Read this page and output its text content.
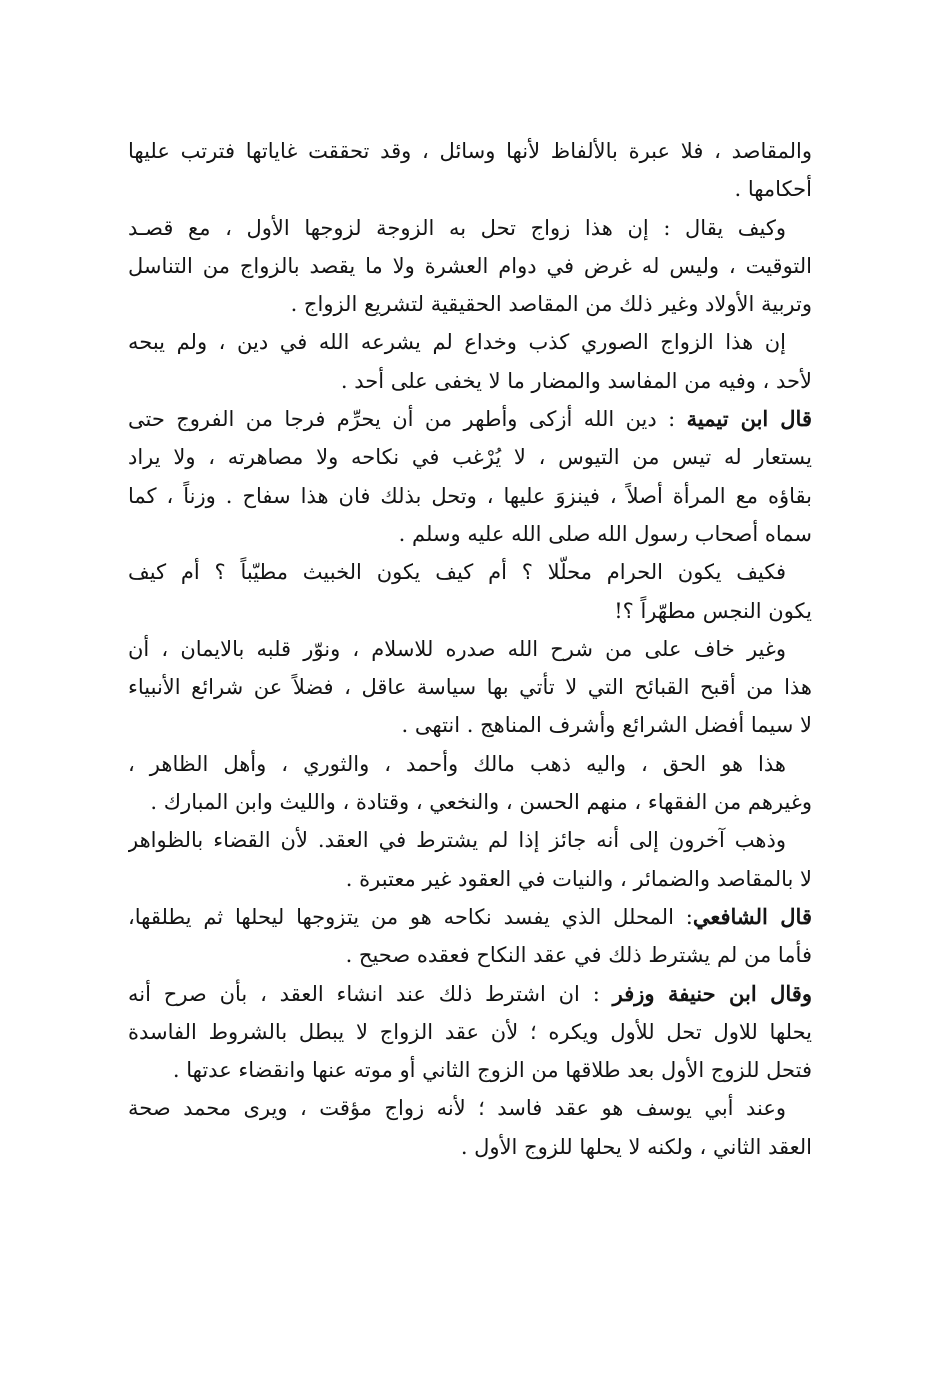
والمقاصد ، فلا عبرة بالألفاظ لأنها وسائل ، وقد تحققت غاياتها فترتب عليها
أحكامها .
وكيف يقال : إن هذا زواج تحل به الزوجة لزوجها الأول ، مع قصـد
التوقيت ، وليس له غرض في دوام العشرة ولا ما يقصد بالزواج من التناسل
وتربية الأولاد وغير ذلك من المقاصد الحقيقية لتشريع الزواج .
إن هذا الزواج الصوري كذب وخداع لم يشرعه الله في دين ، ولم يبحه
لأحد ، وفيه من المفاسد والمضار ما لا يخفى على أحد .
قال ابن تيمية : دين الله أزكى وأطهر من أن يحرِّم فرجا من الفروج حتى
يستعار له تيس من التيوس ، لا يُرْغب في نكاحه ولا مصاهرته ، ولا يراد
بقاؤه مع المرأة أصلاً ، فينزوَ عليها ، وتحل بذلك فان هذا سفاح . وزناً ، كما
سماه أصحاب رسول الله صلى الله عليه وسلم .
فكيف يكون الحرام محلّلا ؟ أم كيف يكون الخبيث مطيّباً ؟ أم كيف
يكون النجس مطهّراً ؟!
وغير خاف على من شرح الله صدره للاسلام ، ونوّر قلبه بالايمان ، أن
هذا من أقبح القبائح التي لا تأتي بها سياسة عاقل ، فضلاً عن شرائع الأنبياء
لا سيما أفضل الشرائع وأشرف المناهج . انتهى .
هذا هو الحق ، واليه ذهب مالك وأحمد ، والثوري ، وأهل الظاهر ،
وغيرهم من الفقهاء ، منهم الحسن ، والنخعي ، وقتادة ، والليث وابن المبارك .
وذهب آخرون إلى أنه جائز إذا لم يشترط في العقد. لأن القضاء بالظواهر
لا بالمقاصد والضمائر ، والنيات في العقود غير معتبرة .
قال الشافعي: المحلل الذي يفسد نكاحه هو من يتزوجها ليحلها ثم يطلقها،
فأما من لم يشترط ذلك في عقد النكاح فعقده صحيح .
وقال ابن حنيفة وزفر : ان اشترط ذلك عند انشاء العقد ، بأن صرح أنه
يحلها للاول تحل للأول ويكره ؛ لأن عقد الزواج لا يبطل بالشروط الفاسدة
فتحل للزوج الأول بعد طلاقها من الزوج الثاني أو موته عنها وانقضاء عدتها .
وعند أبي يوسف هو عقد فاسد ؛ لأنه زواج مؤقت ، ويرى محمد صحة
العقد الثاني ، ولكنه لا يحلها للزوج الأول .
